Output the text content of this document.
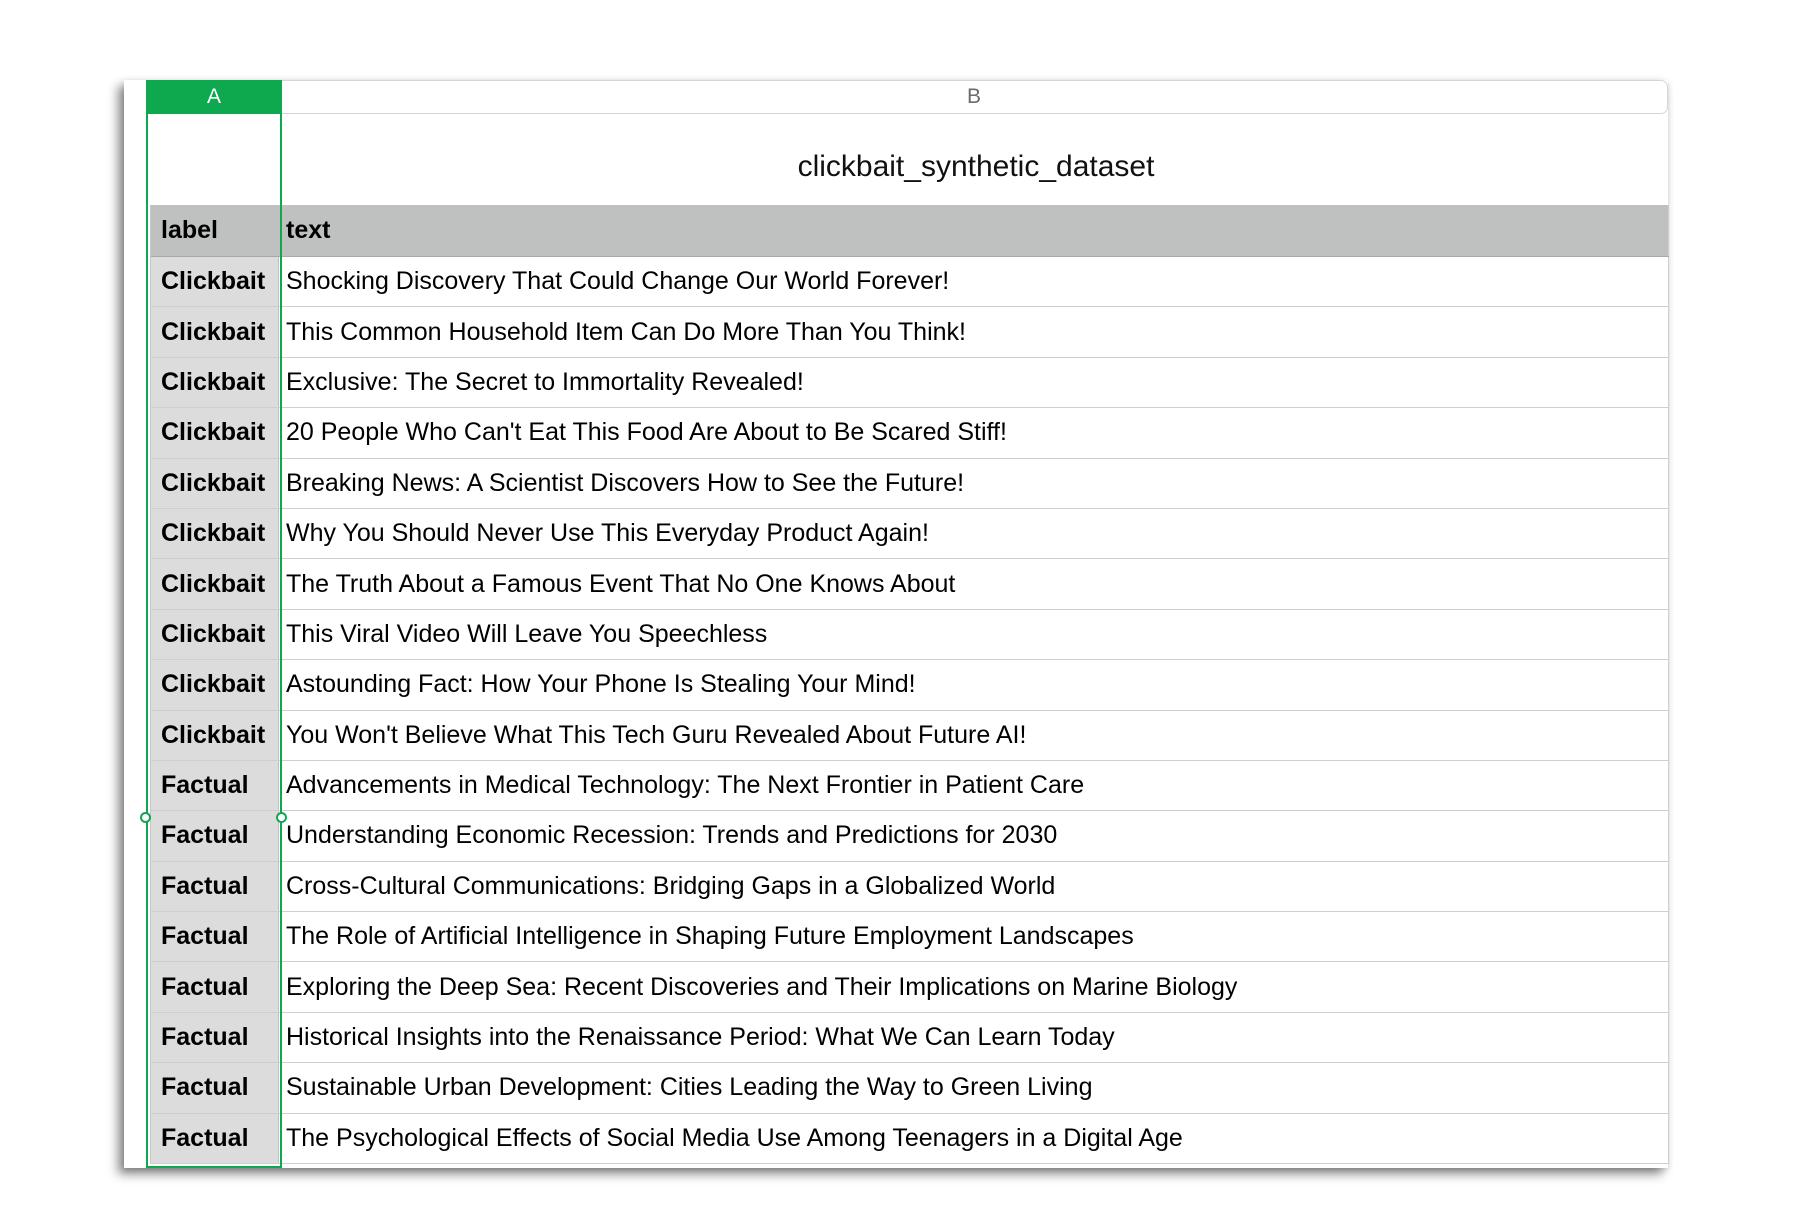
B
A
clickbait_synthetic_dataset
label	text
Clickbait Shocking Discovery That Could Change Our World Forever!
Clickbait This Common Household Item Can Do More Than You Think!
Clickbait Exclusive: The Secret to Immortality Revealed!
Clickbait 20 People Who Can't Eat This Food Are About to Be Scared Stiff!
Clickbait Breaking News: A Scientist Discovers How to See the Future!
Clickbait Why You Should Never Use This Everyday Product Again!
Clickbait The Truth About a Famous Event That No One Knows About
Clickbait This Viral Video Will Leave You Speechless
Clickbait Astounding Fact: How Your Phone Is Stealing Your Mind!
Clickbait You Won't Believe What This Tech Guru Revealed About Future AI!
Factual	Advancements in Medical Technology: The Next Frontier in Patient Care
Factual	Understanding Economic Recession: Trends and Predictions for 2030
Factual	Cross-Cultural Communications: Bridging Gaps in a Globalized World
Factual	The Role of Artificial Intelligence in Shaping Future Employment Landscapes
Factual	Exploring the Deep Sea: Recent Discoveries and Their Implications on Marine Biology
Factual	Historical Insights into the Renaissance Period: What We Can Learn Today
Factual	Sustainable Urban Development: Cities Leading the Way to Green Living
Factual	The Psychological Effects of Social Media Use Among Teenagers in a Digital Age
